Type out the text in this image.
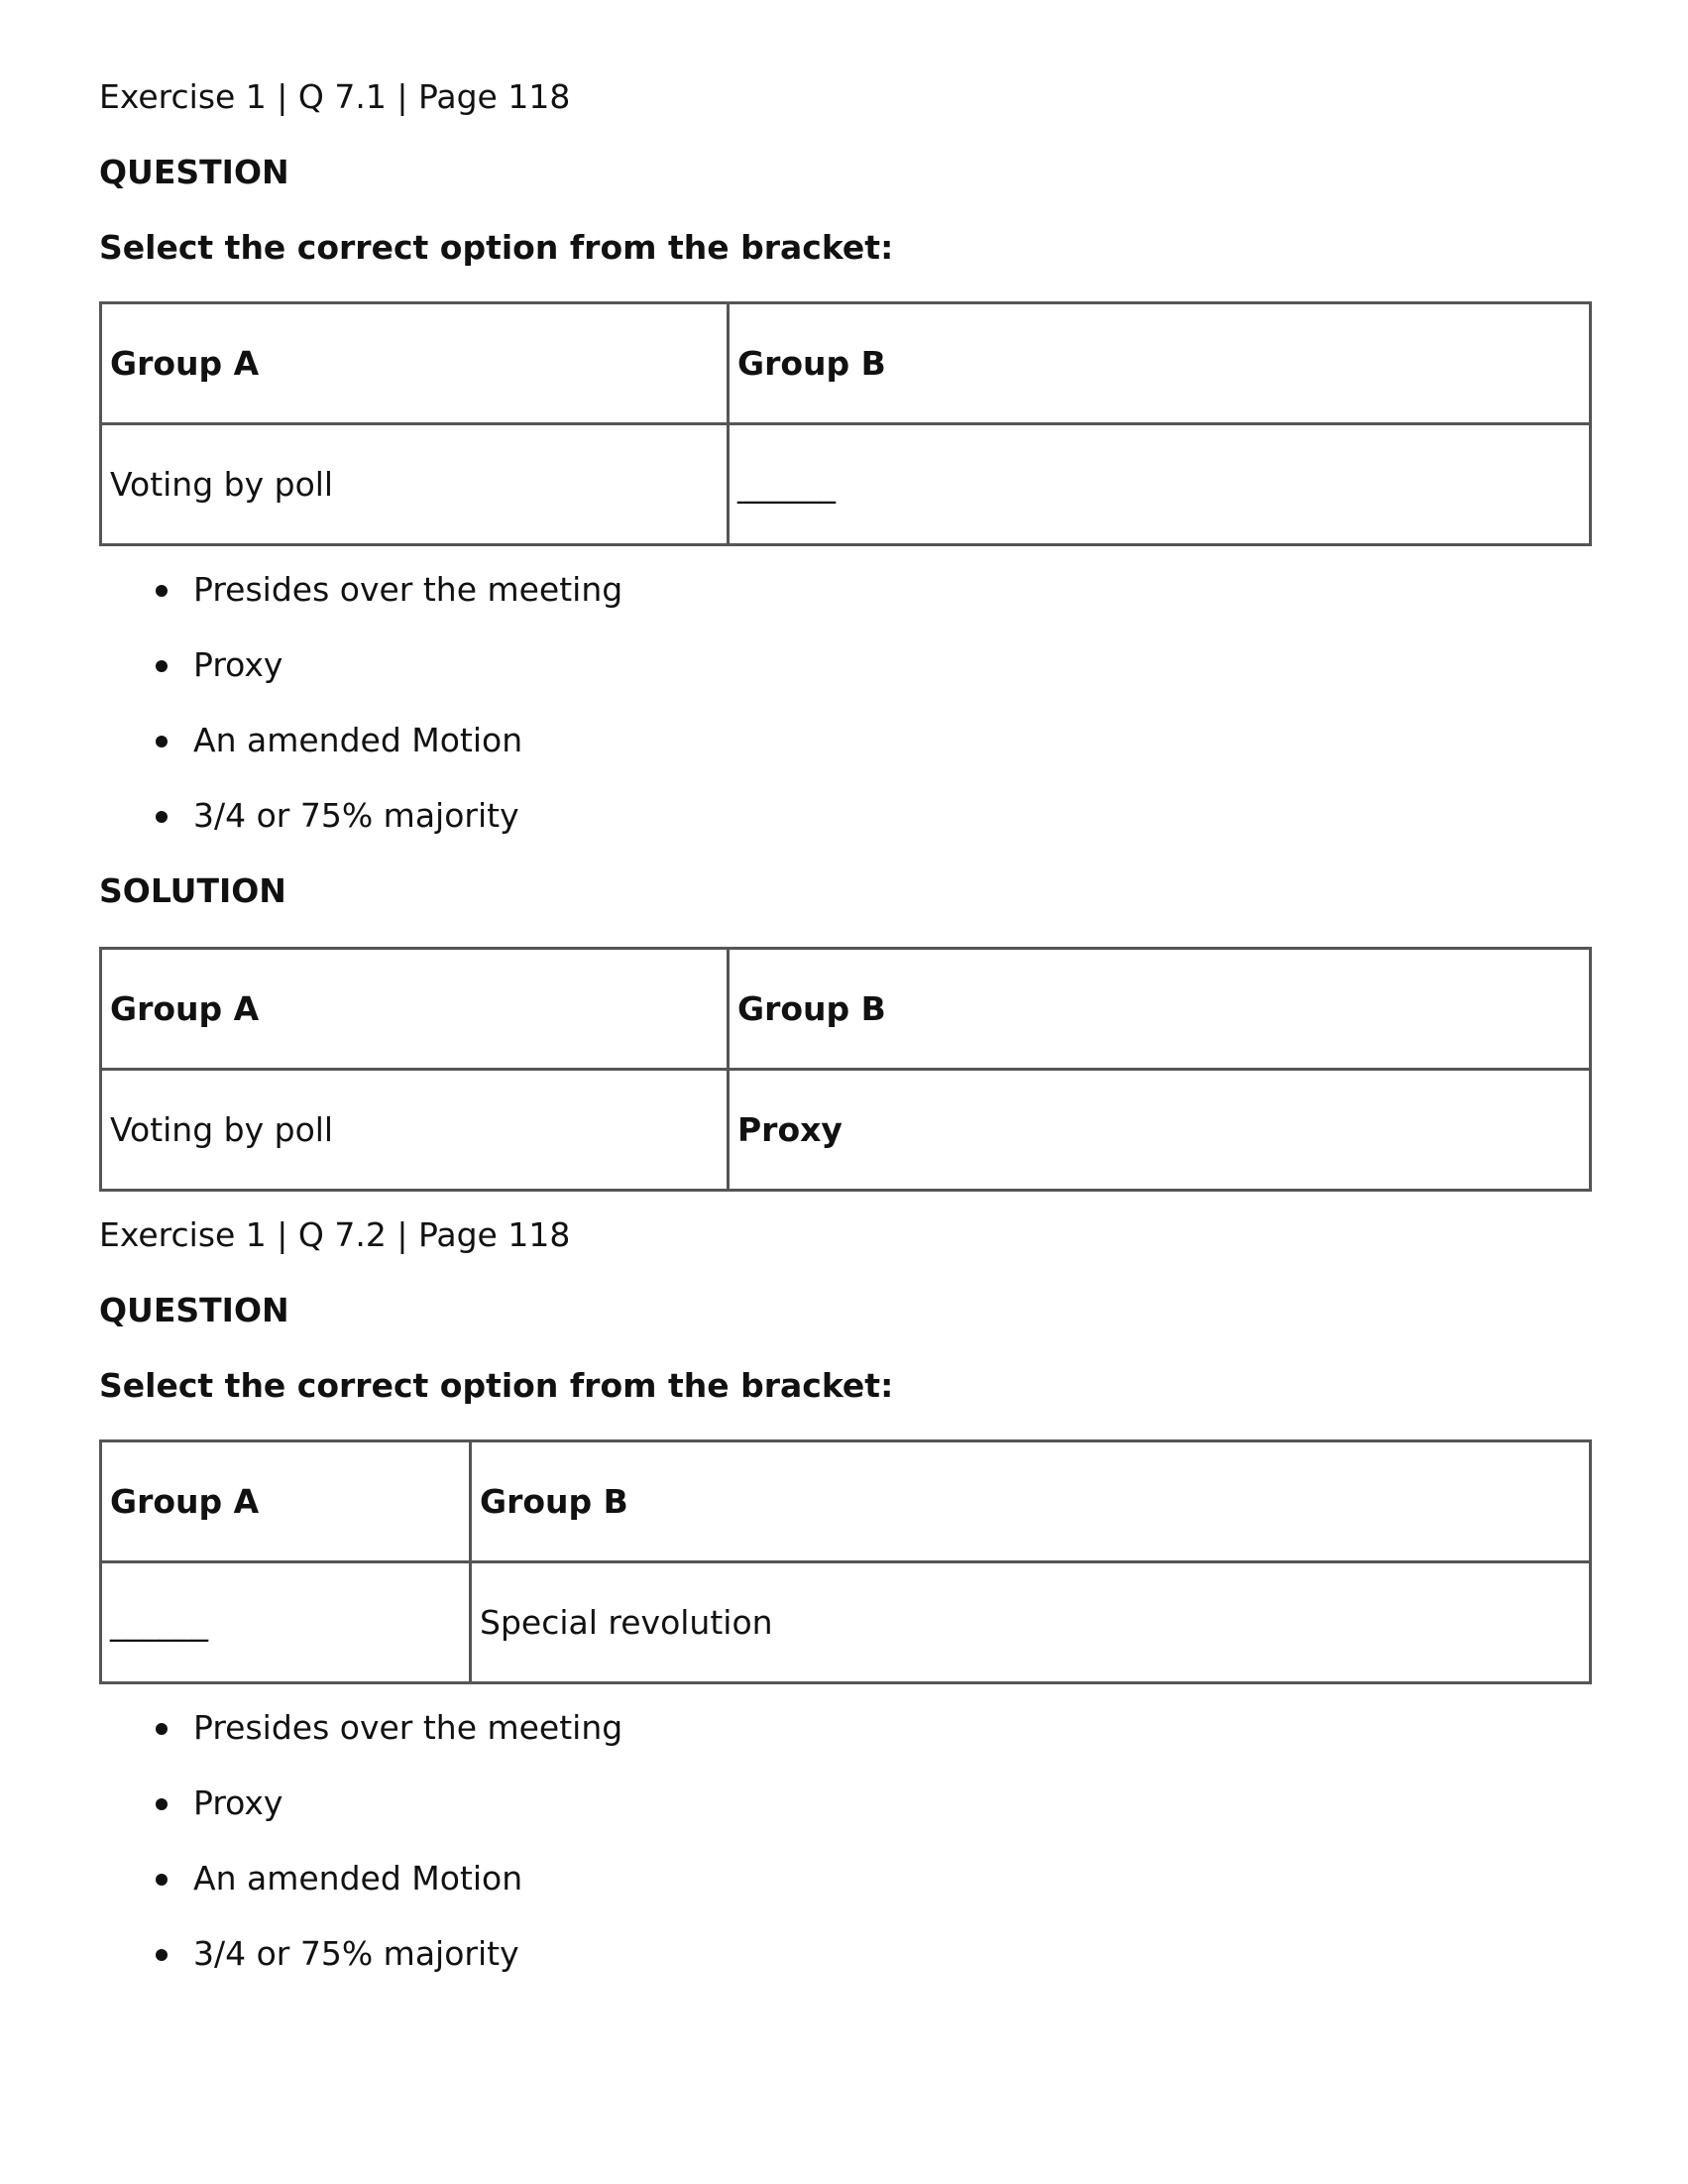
Exercise 1 | Q 7.1 | Page 118
QUESTION
Select the correct option from the bracket:
Group A	Group B
Voting by poll	______
Presides over the meeting
Proxy
An amended Motion
3/4 or 75% majority
SOLUTION
Group A	Group B
Voting by poll	Proxy
Exercise 1 | Q 7.2 | Page 118
QUESTION
Select the correct option from the bracket:
Group A	Group B
______	Special revolution
Presides over the meeting
Proxy
An amended Motion
3/4 or 75% majority
